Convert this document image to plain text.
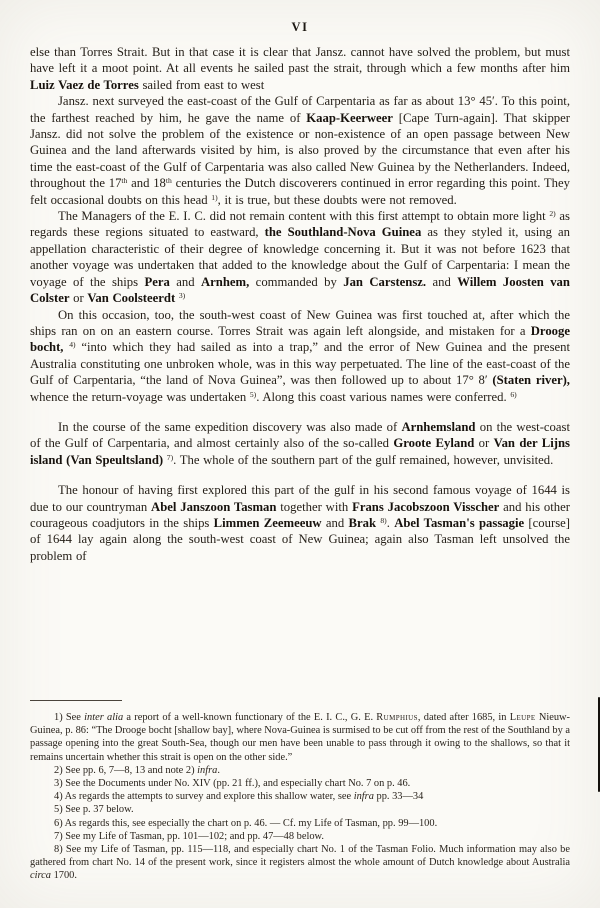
VI

else than Torres Strait. But in that case it is clear that Jansz. cannot have solved the problem, but must have left it a moot point. At all events he sailed past the strait, through which a few months after him Luiz Vaez de Torres sailed from east to west

Jansz. next surveyed the east-coast of the Gulf of Carpentaria as far as about 13° 45′. To this point, the farthest reached by him, he gave the name of Kaap-Keerweer [Cape Turn-again]. That skipper Jansz. did not solve the problem of the existence or non-existence of an open passage between New Guinea and the land afterwards visited by him, is also proved by the circumstance that even after his time the east-coast of the Gulf of Carpentaria was also called New Guinea by the Netherlanders. Indeed, throughout the 17th and 18th centuries the Dutch discoverers continued in error regarding this point. They felt occasional doubts on this head $^{1)}$, it is true, but these doubts were not removed.

The Managers of the E. I. C. did not remain content with this first attempt to obtain more light $^{2)}$ as regards these regions situated to eastward, the Southland-Nova Guinea as they styled it, using an appellation characteristic of their degree of knowledge concerning it. But it was not before 1623 that another voyage was undertaken that added to the knowledge about the Gulf of Carpentaria: I mean the voyage of the ships Pera and Arnhem, commanded by Jan Carstensz. and Willem Joosten van Colster or Van Coolsteerdt $^{3)}$

On this occasion, too, the south-west coast of New Guinea was first touched at, after which the ships ran on on an eastern course. Torres Strait was again left alongside, and mistaken for a Drooge bocht, $^{4)}$ “into which they had sailed as into a trap,” and the error of New Guinea and the present Australia constituting one unbroken whole, was in this way perpetuated. The line of the east-coast of the Gulf of Carpentaria, “the land of Nova Guinea”, was then followed up to about 17° 8′ (Staten river), whence the return-voyage was undertaken $^{5)}$. Along this coast various names were conferred. $^{6)}$

In the course of the same expedition discovery was also made of Arnhemsland on the west-coast of the Gulf of Carpentaria, and almost certainly also of the so-called Groote Eyland or Van der Lijns island (Van Speultsland) $^{7)}$. The whole of the southern part of the gulf remained, however, unvisited.

The honour of having first explored this part of the gulf in his second famous voyage of 1644 is due to our countryman Abel Janszoon Tasman together with Frans Jacobszoon Visscher and his other courageous coadjutors in the ships Limmen Zeemeeuw and Brak $^{8)}$. Abel Tasman's passagie [course] of 1644 lay again along the south-west coast of New Guinea; again also Tasman left unsolved the problem of

1) See inter alia a report of a well-known functionary of the E. I. C., G. E. Rumphius, dated after 1685, in Leupe Nieuw-Guinea, p. 86: “The Drooge bocht [shallow bay], where Nova-Guinea is surmised to be cut off from the rest of the Southland by a passage opening into the great South-Sea, though our men have been unable to pass through it owing to the shallows, so that it remains uncertain whether this strait is open on the other side.”

2) See pp. 6, 7—8, 13 and note 2) infra.

3) See the Documents under No. XIV (pp. 21 ff.), and especially chart No. 7 on p. 46.

4) As regards the attempts to survey and explore this shallow water, see infra pp. 33—34

5) See p. 37 below.

6) As regards this, see especially the chart on p. 46. — Cf. my Life of Tasman, pp. 99—100.

7) See my Life of Tasman, pp. 101—102; and pp. 47—48 below.

8) See my Life of Tasman, pp. 115—118, and especially chart No. 1 of the Tasman Folio. Much information may also be gathered from chart No. 14 of the present work, since it registers almost the whole amount of Dutch knowledge about Australia circa 1700.
